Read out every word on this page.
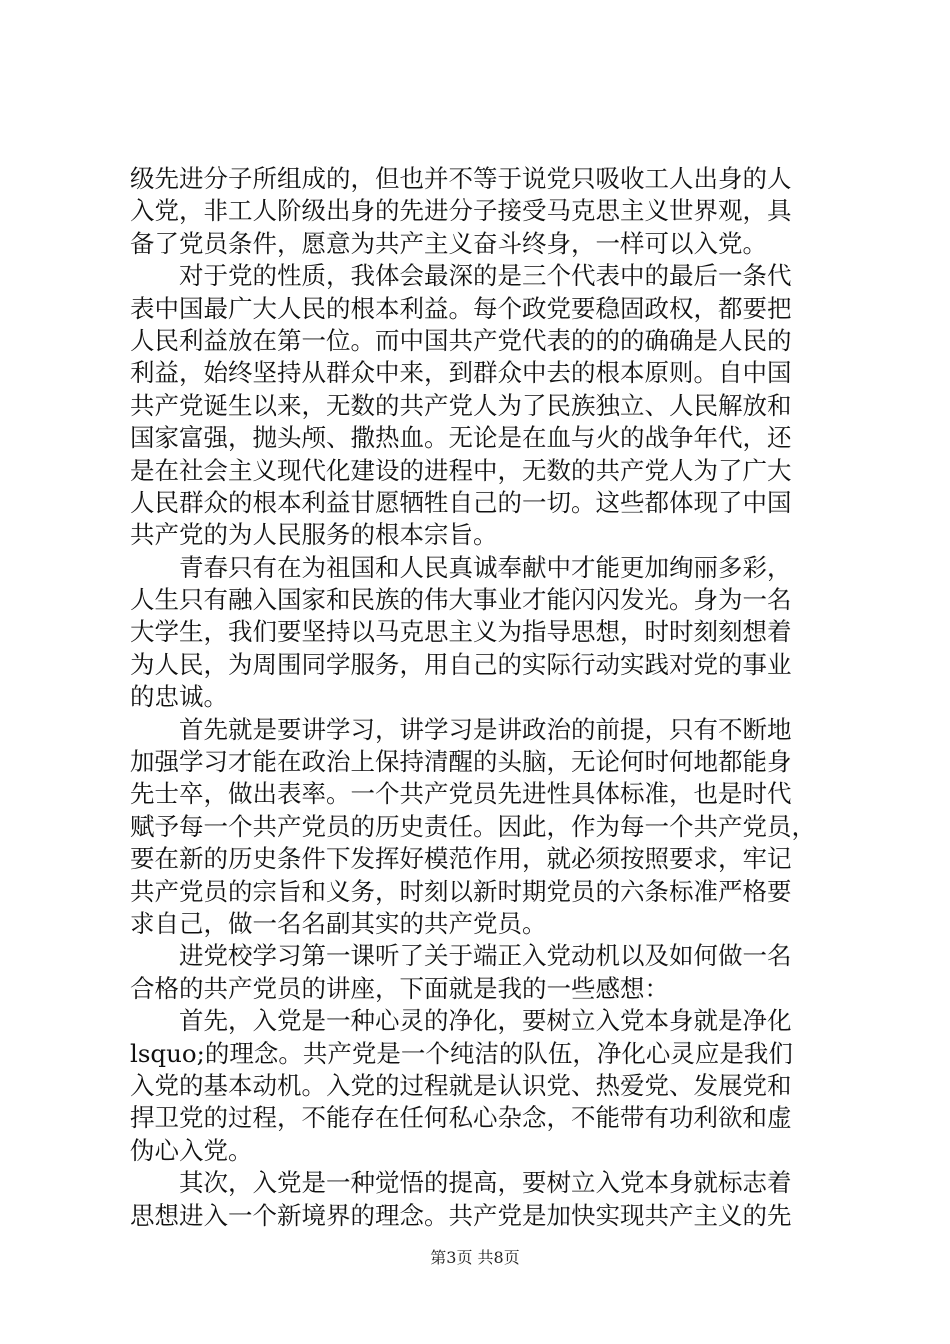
级先进分子所组成的，但也并不等于说党只吸收工人出身的人
入党，非工人阶级出身的先进分子接受马克思主义世界观，具
备了党员条件，愿意为共产主义奋斗终身，一样可以入党。
　　对于党的性质，我体会最深的是三个代表中的最后一条代
表中国最广大人民的根本利益。每个政党要稳固政权，都要把
人民利益放在第一位。而中国共产党代表的的的确确是人民的
利益，始终坚持从群众中来，到群众中去的根本原则。自中国
共产党诞生以来，无数的共产党人为了民族独立、人民解放和
国家富强，抛头颅、撒热血。无论是在血与火的战争年代，还
是在社会主义现代化建设的进程中，无数的共产党人为了广大
人民群众的根本利益甘愿牺牲自己的一切。这些都体现了中国
共产党的为人民服务的根本宗旨。
　　青春只有在为祖国和人民真诚奉献中才能更加绚丽多彩，
人生只有融入国家和民族的伟大事业才能闪闪发光。身为一名
大学生，我们要坚持以马克思主义为指导思想，时时刻刻想着
为人民，为周围同学服务，用自己的实际行动实践对党的事业
的忠诚。
　　首先就是要讲学习，讲学习是讲政治的前提，只有不断地
加强学习才能在政治上保持清醒的头脑，无论何时何地都能身
先士卒，做出表率。一个共产党员先进性具体标准，也是时代
赋予每一个共产党员的历史责任。因此，作为每一个共产党员，
要在新的历史条件下发挥好模范作用，就必须按照要求，牢记
共产党员的宗旨和义务，时刻以新时期党员的六条标准严格要
求自己，做一名名副其实的共产党员。
　　进党校学习第一课听了关于端正入党动机以及如何做一名
合格的共产党员的讲座，下面就是我的一些感想：
　　首先，入党是一种心灵的净化，要树立入党本身就是净化
lsquo;的理念。共产党是一个纯洁的队伍，净化心灵应是我们
入党的基本动机。入党的过程就是认识党、热爱党、发展党和
捍卫党的过程，不能存在任何私心杂念，不能带有功利欲和虚
伪心入党。
　　其次，入党是一种觉悟的提高，要树立入党本身就标志着
思想进入一个新境界的理念。共产党是加快实现共产主义的先
第3页 共8页
